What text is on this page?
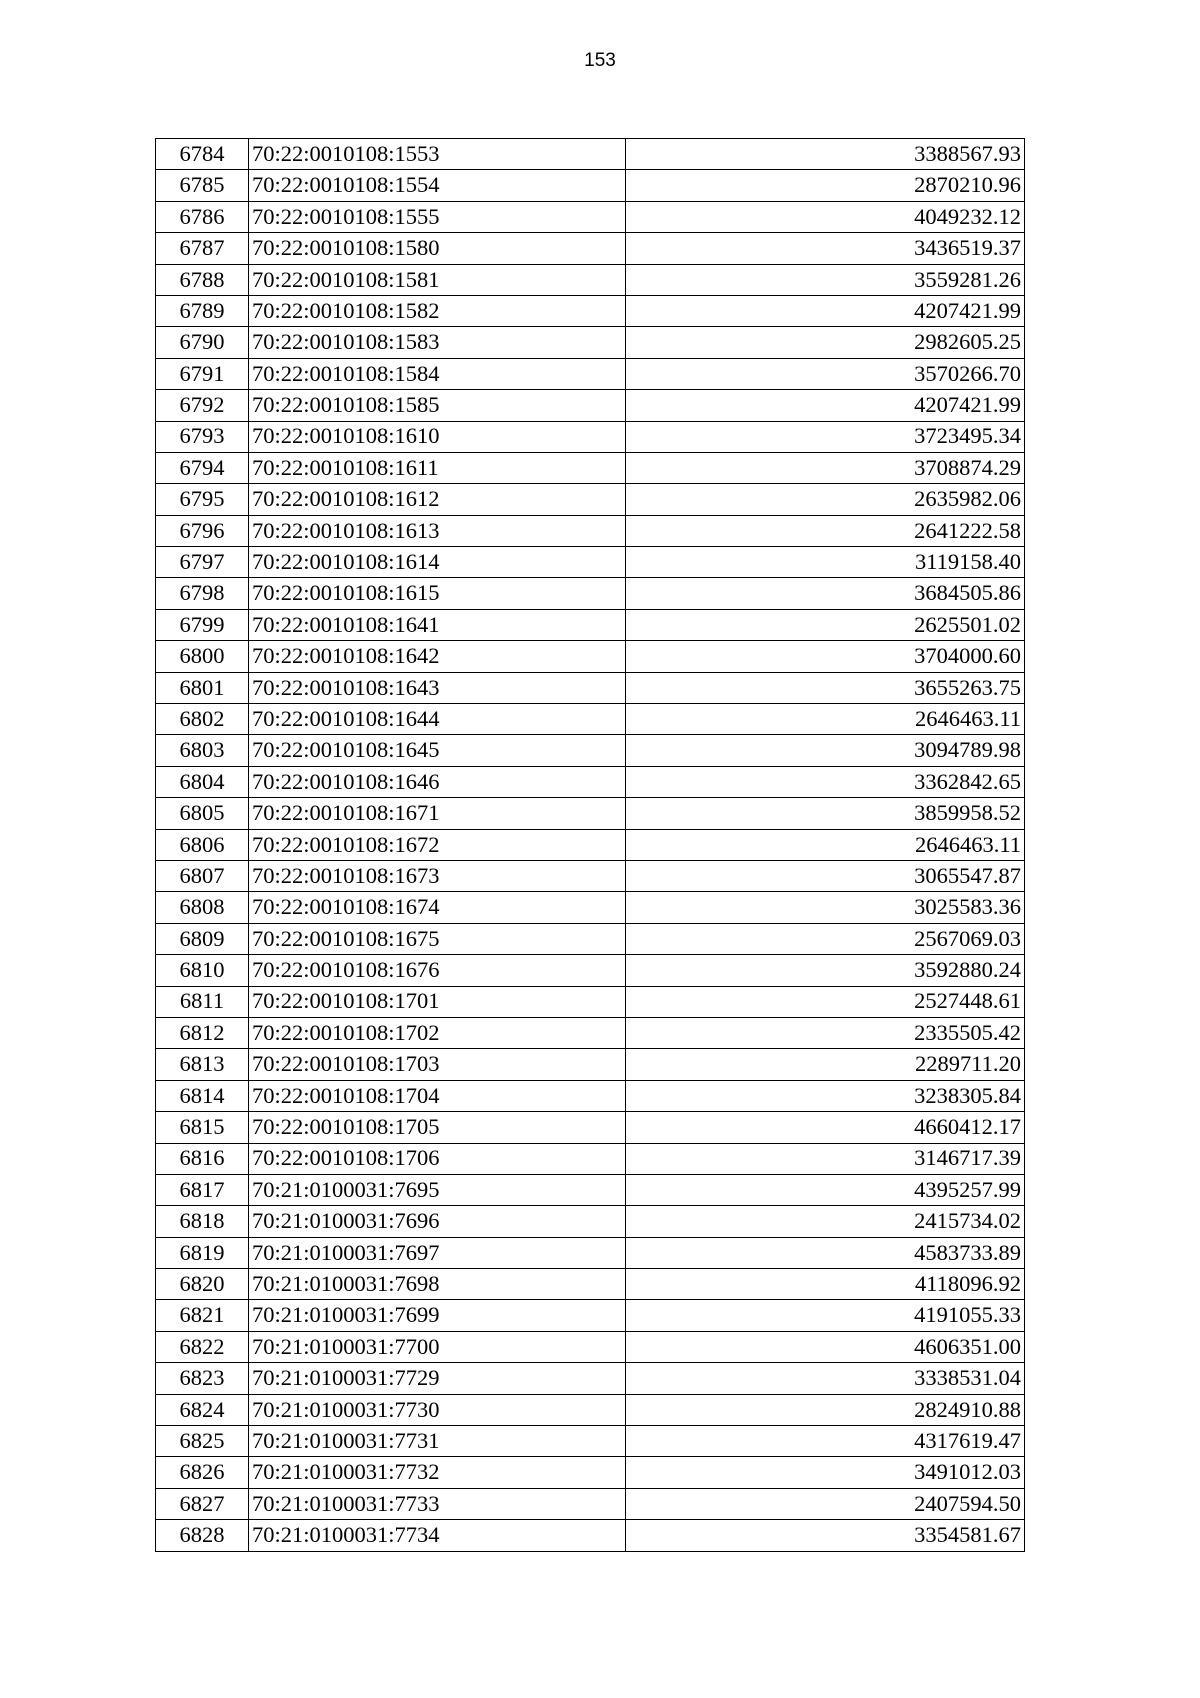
153
6784	70:22:0010108:1553	3388567.93
6785	70:22:0010108:1554	2870210.96
6786	70:22:0010108:1555	4049232.12
6787	70:22:0010108:1580	3436519.37
6788	70:22:0010108:1581	3559281.26
6789	70:22:0010108:1582	4207421.99
6790	70:22:0010108:1583	2982605.25
6791	70:22:0010108:1584	3570266.70
6792	70:22:0010108:1585	4207421.99
6793	70:22:0010108:1610	3723495.34
6794	70:22:0010108:1611	3708874.29
6795	70:22:0010108:1612	2635982.06
6796	70:22:0010108:1613	2641222.58
6797	70:22:0010108:1614	3119158.40
6798	70:22:0010108:1615	3684505.86
6799	70:22:0010108:1641	2625501.02
6800	70:22:0010108:1642	3704000.60
6801	70:22:0010108:1643	3655263.75
6802	70:22:0010108:1644	2646463.11
6803	70:22:0010108:1645	3094789.98
6804	70:22:0010108:1646	3362842.65
6805	70:22:0010108:1671	3859958.52
6806	70:22:0010108:1672	2646463.11
6807	70:22:0010108:1673	3065547.87
6808	70:22:0010108:1674	3025583.36
6809	70:22:0010108:1675	2567069.03
6810	70:22:0010108:1676	3592880.24
6811	70:22:0010108:1701	2527448.61
6812	70:22:0010108:1702	2335505.42
6813	70:22:0010108:1703	2289711.20
6814	70:22:0010108:1704	3238305.84
6815	70:22:0010108:1705	4660412.17
6816	70:22:0010108:1706	3146717.39
6817	70:21:0100031:7695	4395257.99
6818	70:21:0100031:7696	2415734.02
6819	70:21:0100031:7697	4583733.89
6820	70:21:0100031:7698	4118096.92
6821	70:21:0100031:7699	4191055.33
6822	70:21:0100031:7700	4606351.00
6823	70:21:0100031:7729	3338531.04
6824	70:21:0100031:7730	2824910.88
6825	70:21:0100031:7731	4317619.47
6826	70:21:0100031:7732	3491012.03
6827	70:21:0100031:7733	2407594.50
6828	70:21:0100031:7734	3354581.67
